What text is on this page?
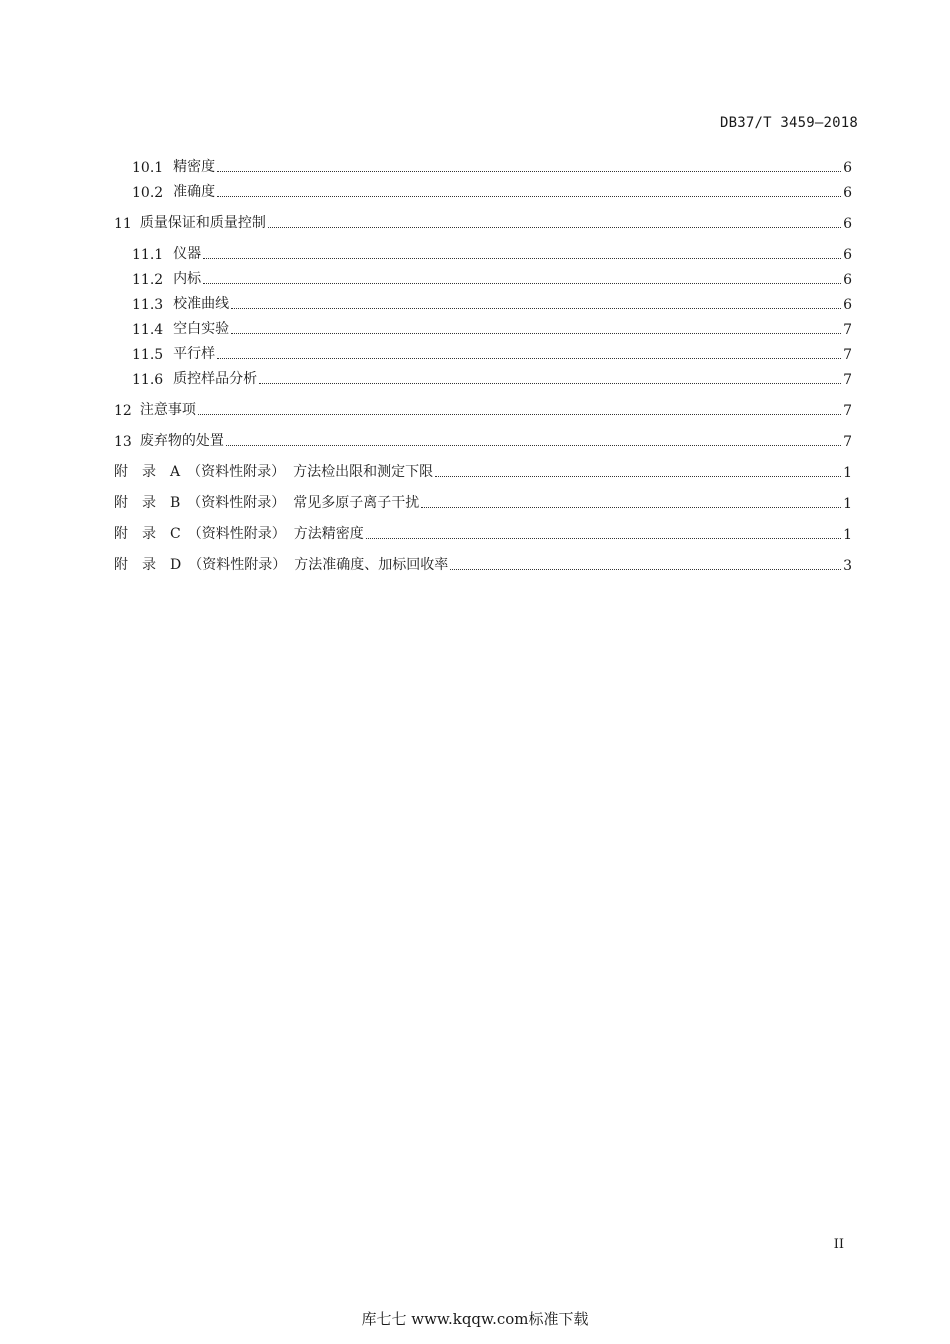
DB37/T 3459—2018
10.1 精密度	6
10.2 准确度	6
11 质量保证和质量控制	6
11.1 仪器	6
11.2 内标	6
11.3 校准曲线	6
11.4 空白实验	7
11.5 平行样	7
11.6 质控样品分析	7
12 注意事项	7
13 废弃物的处置	7
附　录　A　（资料性附录） 方法检出限和测定下限	1
附　录　B　（资料性附录） 常见多原子离子干扰	1
附　录　C　（资料性附录） 方法精密度	1
附　录　D　（资料性附录） 方法准确度、加标回收率	3
II
库七七 www.kqqw.com标准下载
